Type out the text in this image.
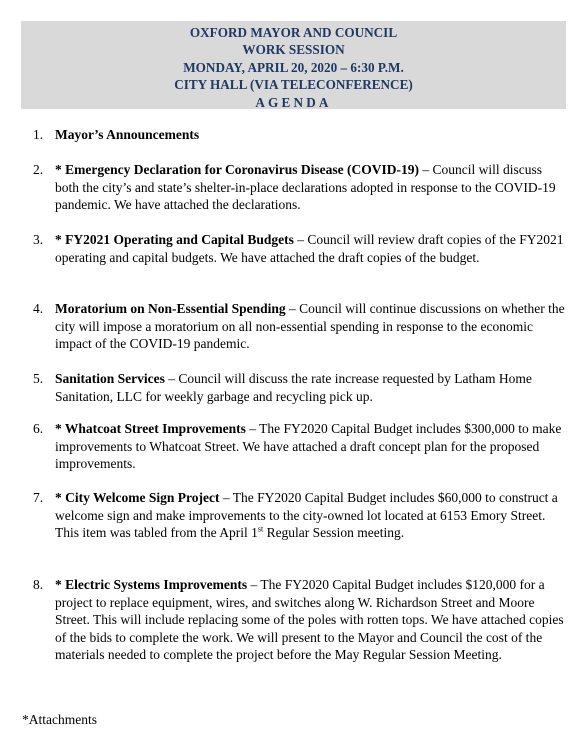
OXFORD MAYOR AND COUNCIL
WORK SESSION
MONDAY, APRIL 20, 2020 – 6:30 P.M.
CITY HALL (VIA TELECONFERENCE)
AGENDA
1. Mayor’s Announcements
2. * Emergency Declaration for Coronavirus Disease (COVID-19) – Council will discuss both the city’s and state’s shelter-in-place declarations adopted in response to the COVID-19 pandemic. We have attached the declarations.
3. * FY2021 Operating and Capital Budgets – Council will review draft copies of the FY2021 operating and capital budgets. We have attached the draft copies of the budget.
4. Moratorium on Non-Essential Spending – Council will continue discussions on whether the city will impose a moratorium on all non-essential spending in response to the economic impact of the COVID-19 pandemic.
5. Sanitation Services – Council will discuss the rate increase requested by Latham Home Sanitation, LLC for weekly garbage and recycling pick up.
6. * Whatcoat Street Improvements – The FY2020 Capital Budget includes $300,000 to make improvements to Whatcoat Street. We have attached a draft concept plan for the proposed improvements.
7. * City Welcome Sign Project – The FY2020 Capital Budget includes $60,000 to construct a welcome sign and make improvements to the city-owned lot located at 6153 Emory Street. This item was tabled from the April 1st Regular Session meeting.
8. * Electric Systems Improvements – The FY2020 Capital Budget includes $120,000 for a project to replace equipment, wires, and switches along W. Richardson Street and Moore Street. This will include replacing some of the poles with rotten tops. We have attached copies of the bids to complete the work. We will present to the Mayor and Council the cost of the materials needed to complete the project before the May Regular Session Meeting.
*Attachments
